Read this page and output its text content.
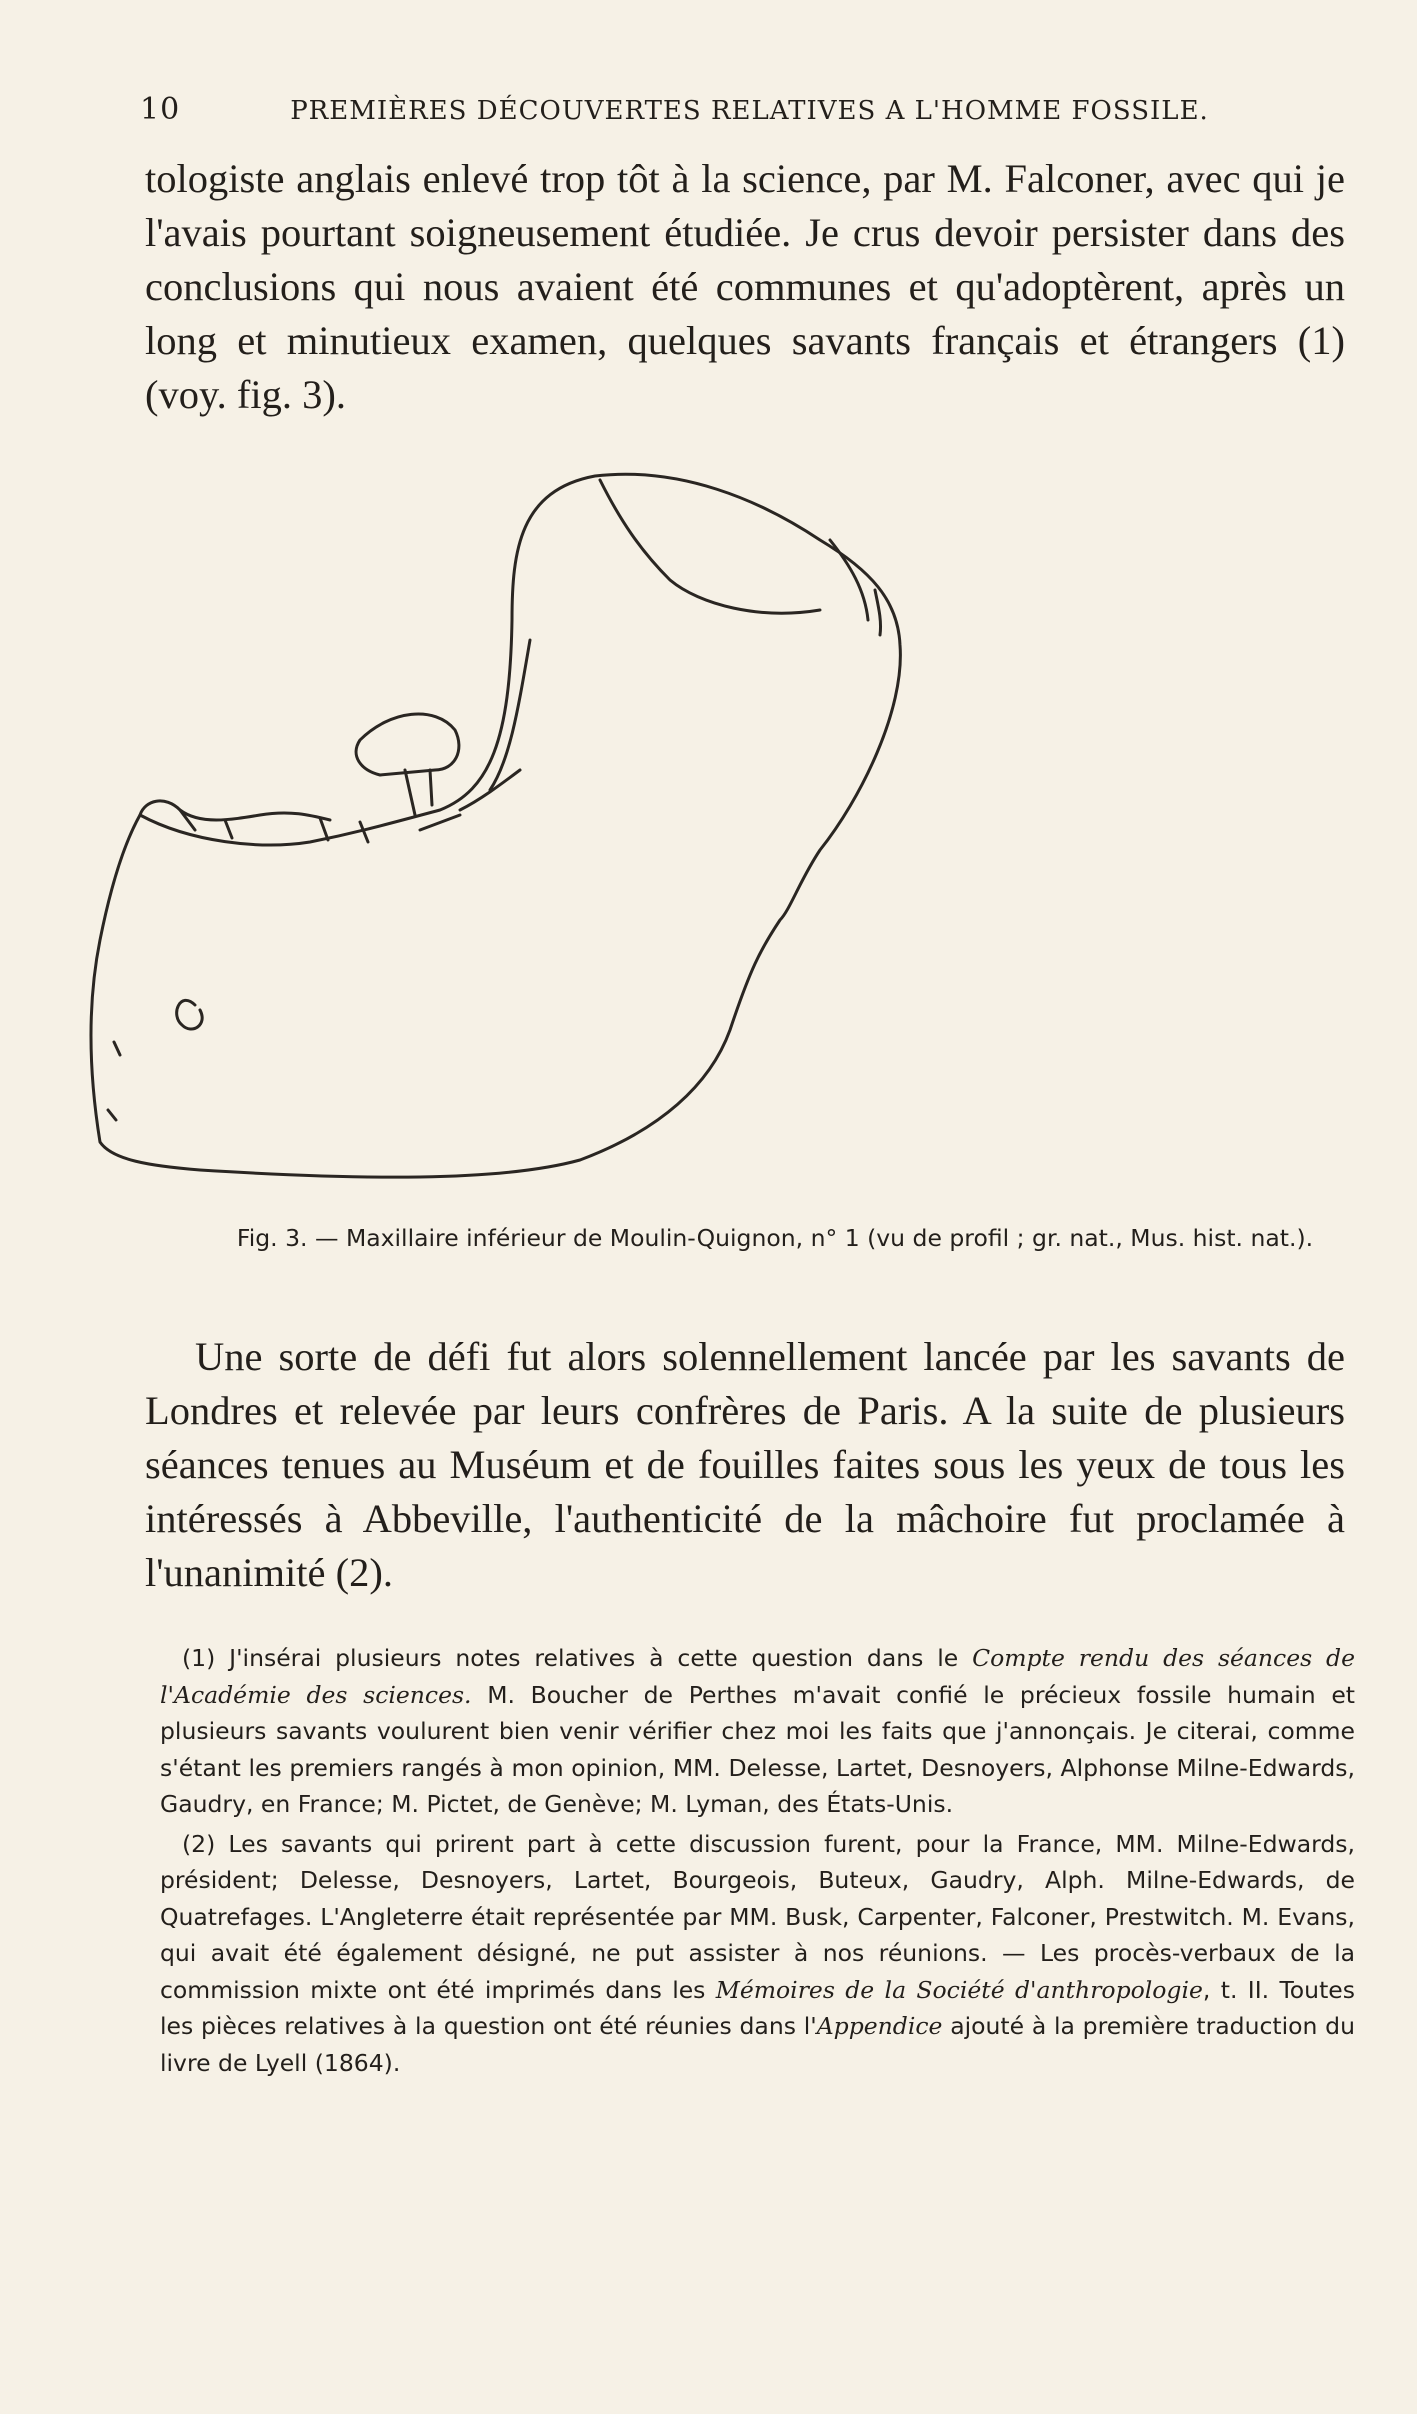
10	PREMIÈRES DÉCOUVERTES RELATIVES A L'HOMME FOSSILE.

tologiste anglais enlevé trop tôt à la science, par M. Falconer, avec qui je l'avais pourtant soigneusement étudiée. Je crus devoir persister dans des conclusions qui nous avaient été communes et qu'adoptèrent, après un long et minutieux examen, quelques savants français et étrangers (1) (voy. fig. 3).

Fig. 3. — Maxillaire inférieur de Moulin-Quignon, n° 1 (vu de profil ; gr. nat., Mus. hist. nat.).

Une sorte de défi fut alors solennellement lancée par les savants de Londres et relevée par leurs confrères de Paris. A la suite de plusieurs séances tenues au Muséum et de fouilles faites sous les yeux de tous les intéressés à Abbeville, l'authenticité de la mâchoire fut proclamée à l'unanimité (2).

(1) J'insérai plusieurs notes relatives à cette question dans le Compte rendu des séances de l'Académie des sciences. M. Boucher de Perthes m'avait confié le précieux fossile humain et plusieurs savants voulurent bien venir vérifier chez moi les faits que j'annonçais. Je citerai, comme s'étant les premiers rangés à mon opinion, MM. Delesse, Lartet, Desnoyers, Alphonse Milne-Edwards, Gaudry, en France; M. Pictet, de Genève; M. Lyman, des États-Unis.

(2) Les savants qui prirent part à cette discussion furent, pour la France, MM. Milne-Edwards, président; Delesse, Desnoyers, Lartet, Bourgeois, Buteux, Gaudry, Alph. Milne-Edwards, de Quatrefages. L'Angleterre était représentée par MM. Busk, Carpenter, Falconer, Prestwitch. M. Evans, qui avait été également désigné, ne put assister à nos réunions. — Les procès-verbaux de la commission mixte ont été imprimés dans les Mémoires de la Société d'anthropologie, t. II. Toutes les pièces relatives à la question ont été réunies dans l'Appendice ajouté à la première traduction du livre de Lyell (1864).
